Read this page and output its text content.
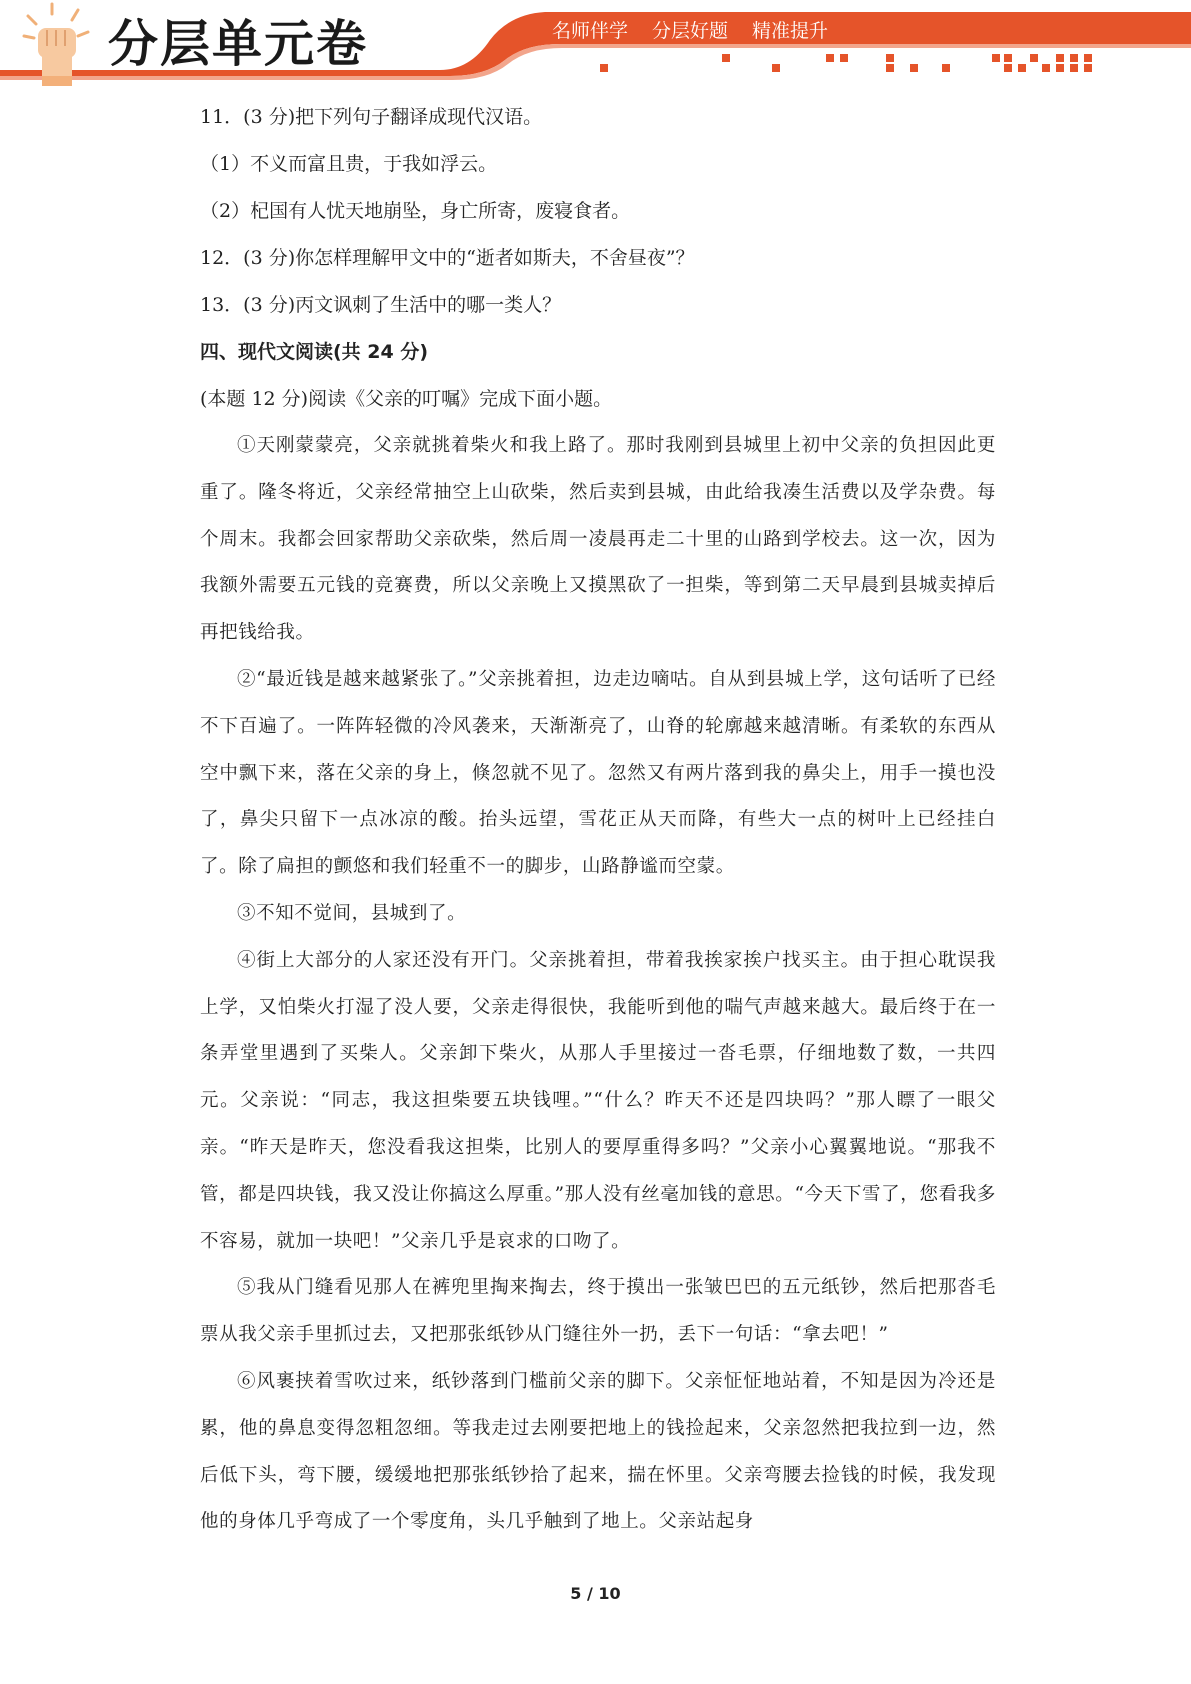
分层单元卷	名师伴学 分层好题 精准提升
11．(3 分)把下列句子翻译成现代汉语。
（1）不义而富且贵，于我如浮云。
（2）杞国有人忧天地崩坠，身亡所寄，废寝食者。
12．(3 分)你怎样理解甲文中的“逝者如斯夫，不舍昼夜”？
13．(3 分)丙文讽刺了生活中的哪一类人？
四、现代文阅读(共 24 分)
(本题 12 分)阅读《父亲的叮嘱》完成下面小题。

①天刚蒙蒙亮，父亲就挑着柴火和我上路了。那时我刚到县城里上初中父亲的负担因此更重了。隆冬将近，父亲经常抽空上山砍柴，然后卖到县城，由此给我凑生活费以及学杂费。每个周末。我都会回家帮助父亲砍柴，然后周一凌晨再走二十里的山路到学校去。这一次，因为我额外需要五元钱的竞赛费，所以父亲晚上又摸黑砍了一担柴，等到第二天早晨到县城卖掉后再把钱给我。

②“最近钱是越来越紧张了。”父亲挑着担，边走边嘀咕。自从到县城上学，这句话听了已经不下百遍了。一阵阵轻微的冷风袭来，天渐渐亮了，山脊的轮廓越来越清晰。有柔软的东西从空中飘下来，落在父亲的身上，倏忽就不见了。忽然又有两片落到我的鼻尖上，用手一摸也没了，鼻尖只留下一点冰凉的酸。抬头远望，雪花正从天而降，有些大一点的树叶上已经挂白了。除了扁担的颤悠和我们轻重不一的脚步，山路静谧而空蒙。

③不知不觉间，县城到了。

④街上大部分的人家还没有开门。父亲挑着担，带着我挨家挨户找买主。由于担心耽误我上学，又怕柴火打湿了没人要，父亲走得很快，我能听到他的喘气声越来越大。最后终于在一条弄堂里遇到了买柴人。父亲卸下柴火，从那人手里接过一沓毛票，仔细地数了数，一共四元。父亲说：“同志，我这担柴要五块钱哩。”“什么？昨天不还是四块吗？”那人瞟了一眼父亲。“昨天是昨天，您没看我这担柴，比别人的要厚重得多吗？”父亲小心翼翼地说。“那我不管，都是四块钱，我又没让你搞这么厚重。”那人没有丝毫加钱的意思。“今天下雪了，您看我多不容易，就加一块吧！”父亲几乎是哀求的口吻了。

⑤我从门缝看见那人在裤兜里掏来掏去，终于摸出一张皱巴巴的五元纸钞，然后把那沓毛票从我父亲手里抓过去，又把那张纸钞从门缝往外一扔，丢下一句话：“拿去吧！”

⑥风裹挟着雪吹过来，纸钞落到门槛前父亲的脚下。父亲怔怔地站着，不知是因为冷还是累，他的鼻息变得忽粗忽细。等我走过去刚要把地上的钱捡起来，父亲忽然把我拉到一边，然后低下头，弯下腰，缓缓地把那张纸钞拾了起来，揣在怀里。父亲弯腰去捡钱的时候，我发现他的身体几乎弯成了一个零度角，头几乎触到了地上。父亲站起身

5 / 10
